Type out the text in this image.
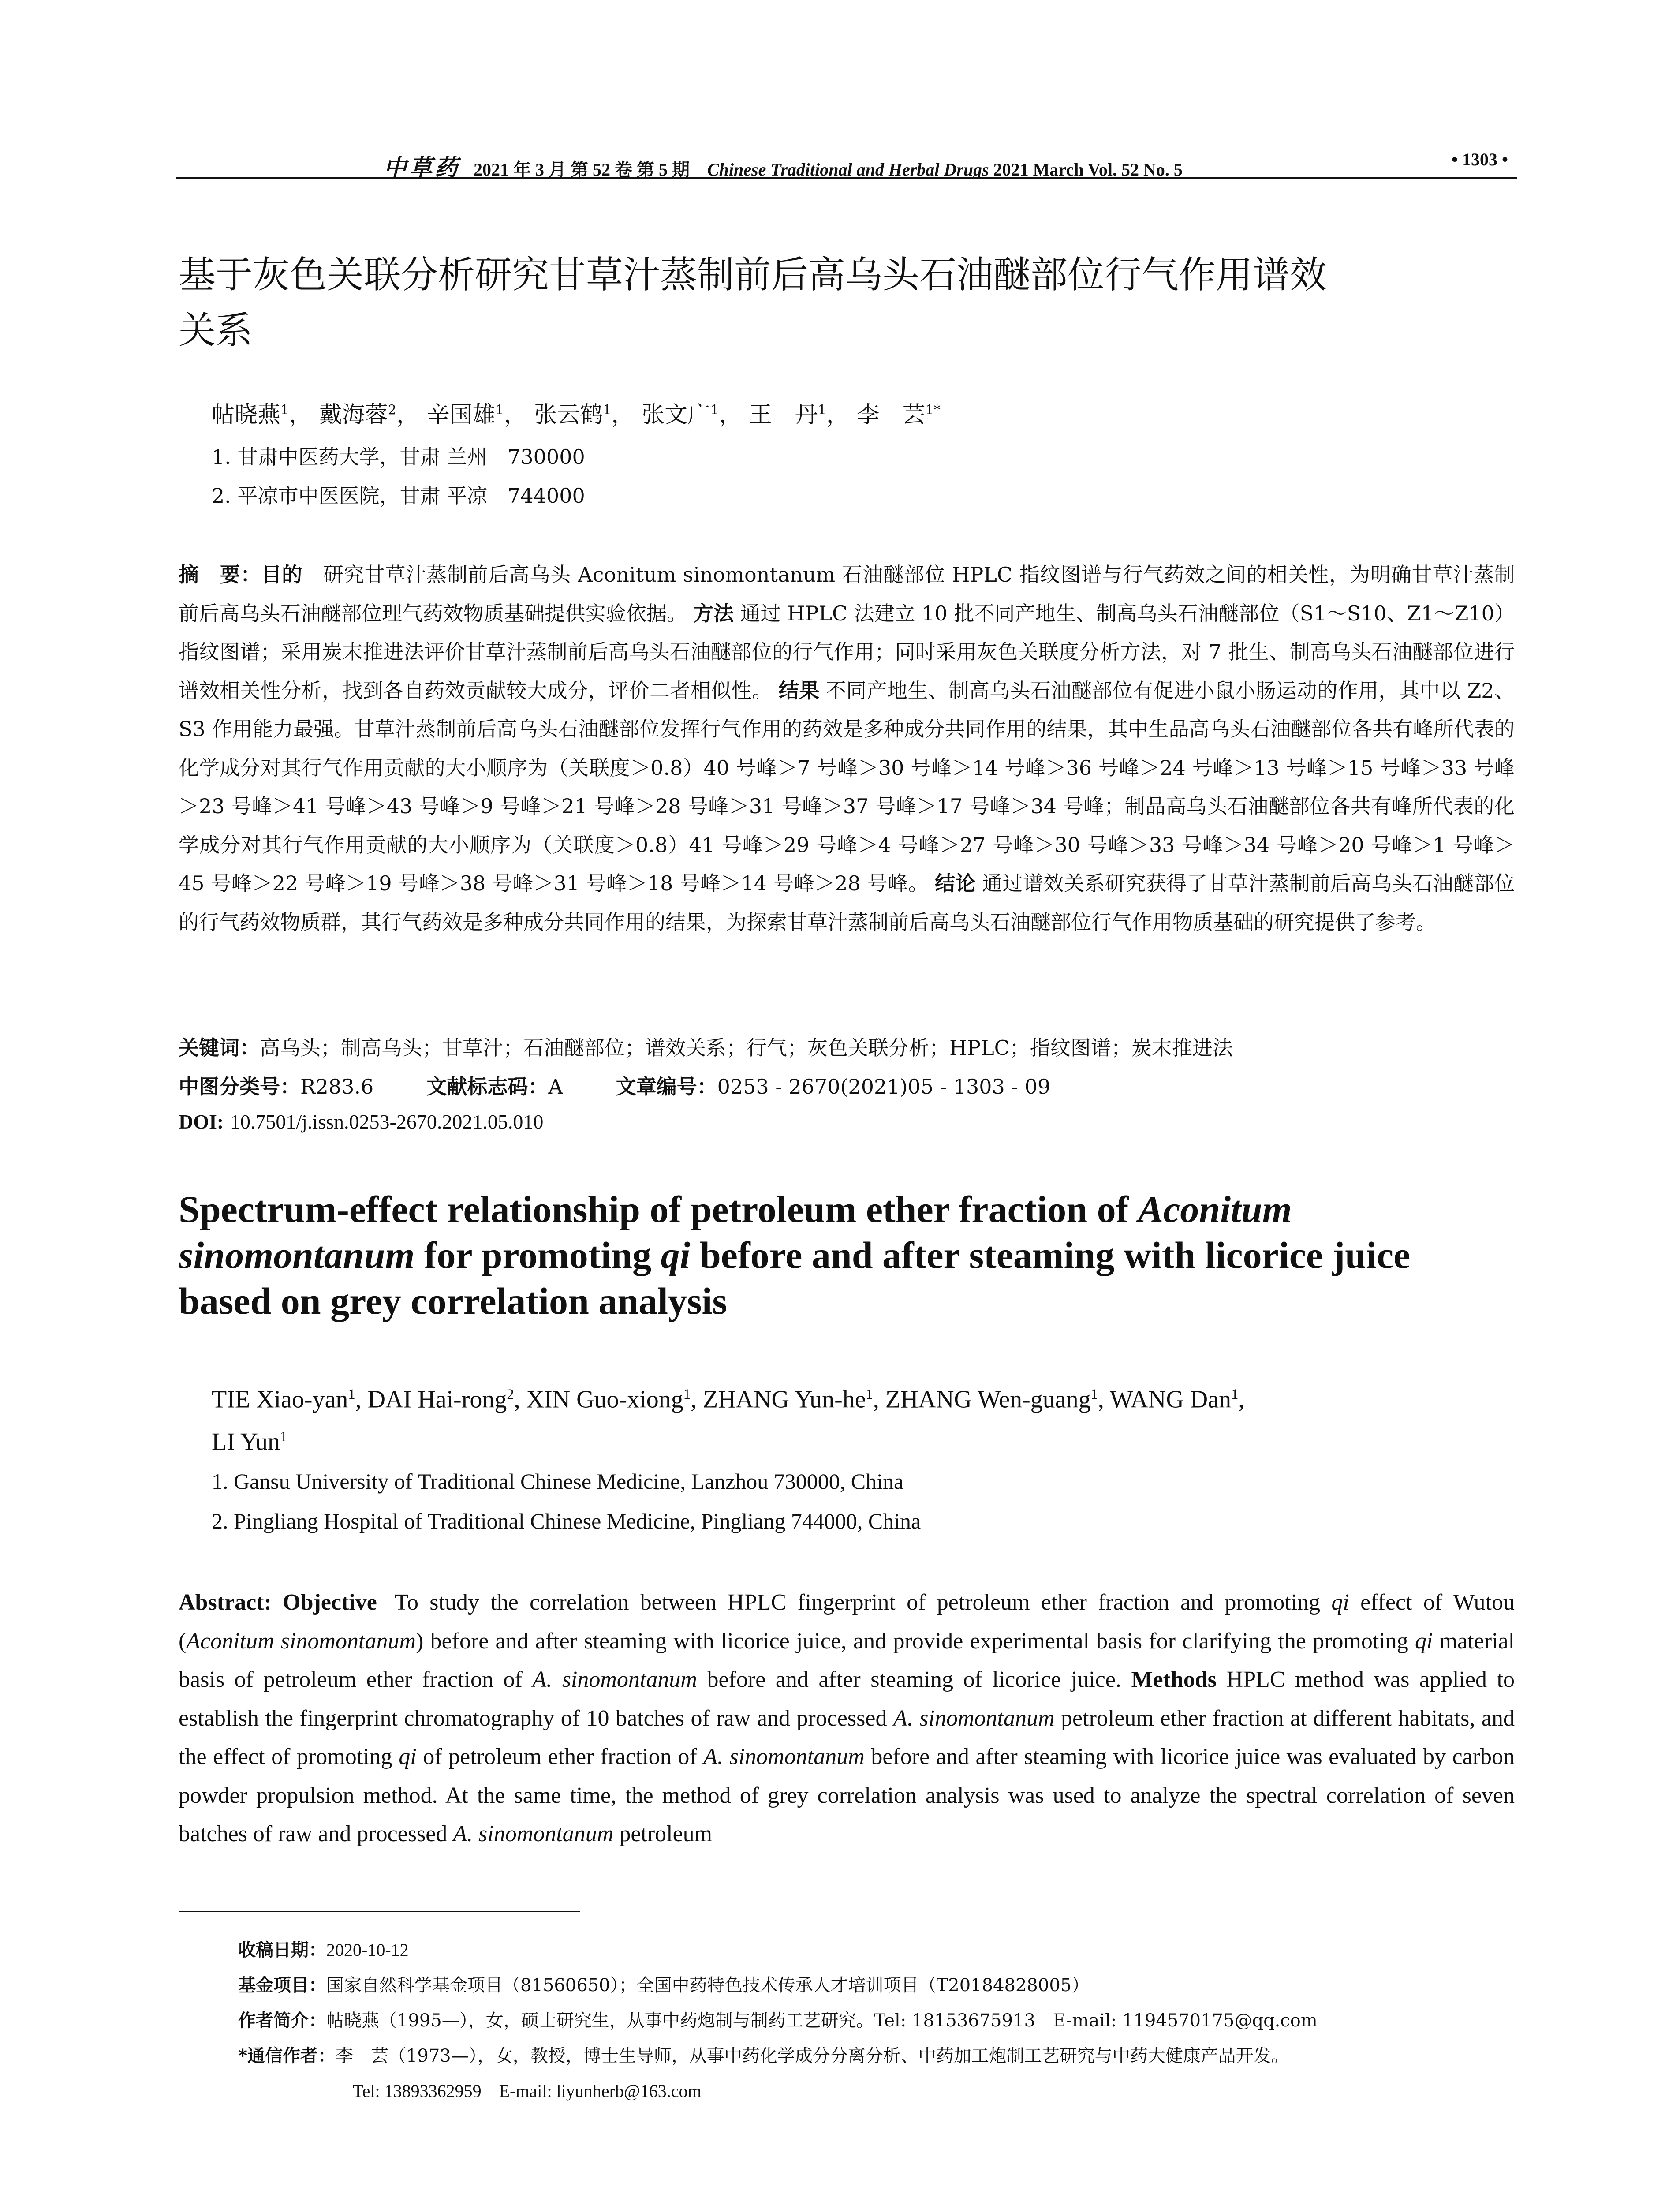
中草药 2021 年 3 月 第 52 卷 第 5 期 Chinese Traditional and Herbal Drugs 2021 March Vol. 52 No. 5
• 1303 •
基于灰色关联分析研究甘草汁蒸制前后高乌头石油醚部位行气作用谱效
关系
帖晓燕$^1$， 戴海蓉$^2$， 辛国雄$^1$， 张云鹤$^1$， 张文广$^1$， 王　丹$^1$， 李　芸$^{1*}$
1. 甘肃中医药大学，甘肃 兰州　730000
2. 平凉市中医医院，甘肃 平凉　744000
摘　要：目的  研究甘草汁蒸制前后高乌头 Aconitum sinomontanum 石油醚部位 HPLC 指纹图谱与行气药效之间的相关性，为明确甘草汁蒸制前后高乌头石油醚部位理气药效物质基础提供实验依据。 方法 通过 HPLC 法建立 10 批不同产地生、制高乌头石油醚部位（S1～S10、Z1～Z10）指纹图谱；采用炭末推进法评价甘草汁蒸制前后高乌头石油醚部位的行气作用；同时采用灰色关联度分析方法，对 7 批生、制高乌头石油醚部位进行谱效相关性分析，找到各自药效贡献较大成分，评价二者相似性。 结果 不同产地生、制高乌头石油醚部位有促进小鼠小肠运动的作用，其中以 Z2、S3 作用能力最强。甘草汁蒸制前后高乌头石油醚部位发挥行气作用的药效是多种成分共同作用的结果，其中生品高乌头石油醚部位各共有峰所代表的化学成分对其行气作用贡献的大小顺序为（关联度＞0.8）40 号峰＞7 号峰＞30 号峰＞14 号峰＞36 号峰＞24 号峰＞13 号峰＞15 号峰＞33 号峰＞23 号峰＞41 号峰＞43 号峰＞9 号峰＞21 号峰＞28 号峰＞31 号峰＞37 号峰＞17 号峰＞34 号峰；制品高乌头石油醚部位各共有峰所代表的化学成分对其行气作用贡献的大小顺序为（关联度＞0.8）41 号峰＞29 号峰＞4 号峰＞27 号峰＞30 号峰＞33 号峰＞34 号峰＞20 号峰＞1 号峰＞45 号峰＞22 号峰＞19 号峰＞38 号峰＞31 号峰＞18 号峰＞14 号峰＞28 号峰。 结论 通过谱效关系研究获得了甘草汁蒸制前后高乌头石油醚部位的行气药效物质群，其行气药效是多种成分共同作用的结果，为探索甘草汁蒸制前后高乌头石油醚部位行气作用物质基础的研究提供了参考。
关键词：高乌头；制高乌头；甘草汁；石油醚部位；谱效关系；行气；灰色关联分析；HPLC；指纹图谱；炭末推进法
中图分类号：R283.6	文献标志码：A	文章编号：0253 - 2670(2021)05 - 1303 - 09
DOI: 10.7501/j.issn.0253-2670.2021.05.010
Spectrum-effect relationship of petroleum ether fraction of Aconitum sinomontanum for promoting qi before and after steaming with licorice juice based on grey correlation analysis
TIE Xiao-yan$^1$, DAI Hai-rong$^2$, XIN Guo-xiong$^1$, ZHANG Yun-$he^1$, ZHANG Wen-guang$^1$, WANG Dan$^1$,
LI Yun$^1$
1. Gansu University of Traditional Chinese Medicine, Lanzhou 730000, China
2. Pingliang Hospital of Traditional Chinese Medicine, Pingliang 744000, China
Abstract: Objective To study the correlation between HPLC fingerprint of petroleum ether fraction and promoting qi effect of Wutou (Aconitum sinomontanum) before and after steaming with licorice juice, and provide experimental basis for clarifying the promoting qi material basis of petroleum ether fraction of A. sinomontanum before and after steaming of licorice juice. Methods HPLC method was applied to establish the fingerprint chromatography of 10 batches of raw and processed A. sinomontanum petroleum ether fraction at different habitats, and the effect of promoting qi of petroleum ether fraction of A. sinomontanum before and after steaming with licorice juice was evaluated by carbon powder propulsion method. At the same time, the method of grey correlation analysis was used to analyze the spectral correlation of seven batches of raw and processed A. sinomontanum petroleum
收稿日期：2020-10-12
基金项目：国家自然科学基金项目（81560650）；全国中药特色技术传承人才培训项目（T20184828005）
作者简介：帖晓燕（1995—），女，硕士研究生，从事中药炮制与制药工艺研究。Tel: 18153675913　E-mail: 1194570175@qq.com
*通信作者：李　芸（1973—），女，教授，博士生导师，从事中药化学成分分离分析、中药加工炮制工艺研究与中药大健康产品开发。
Tel: 13893362959　E-mail: liyunherb@163.com
